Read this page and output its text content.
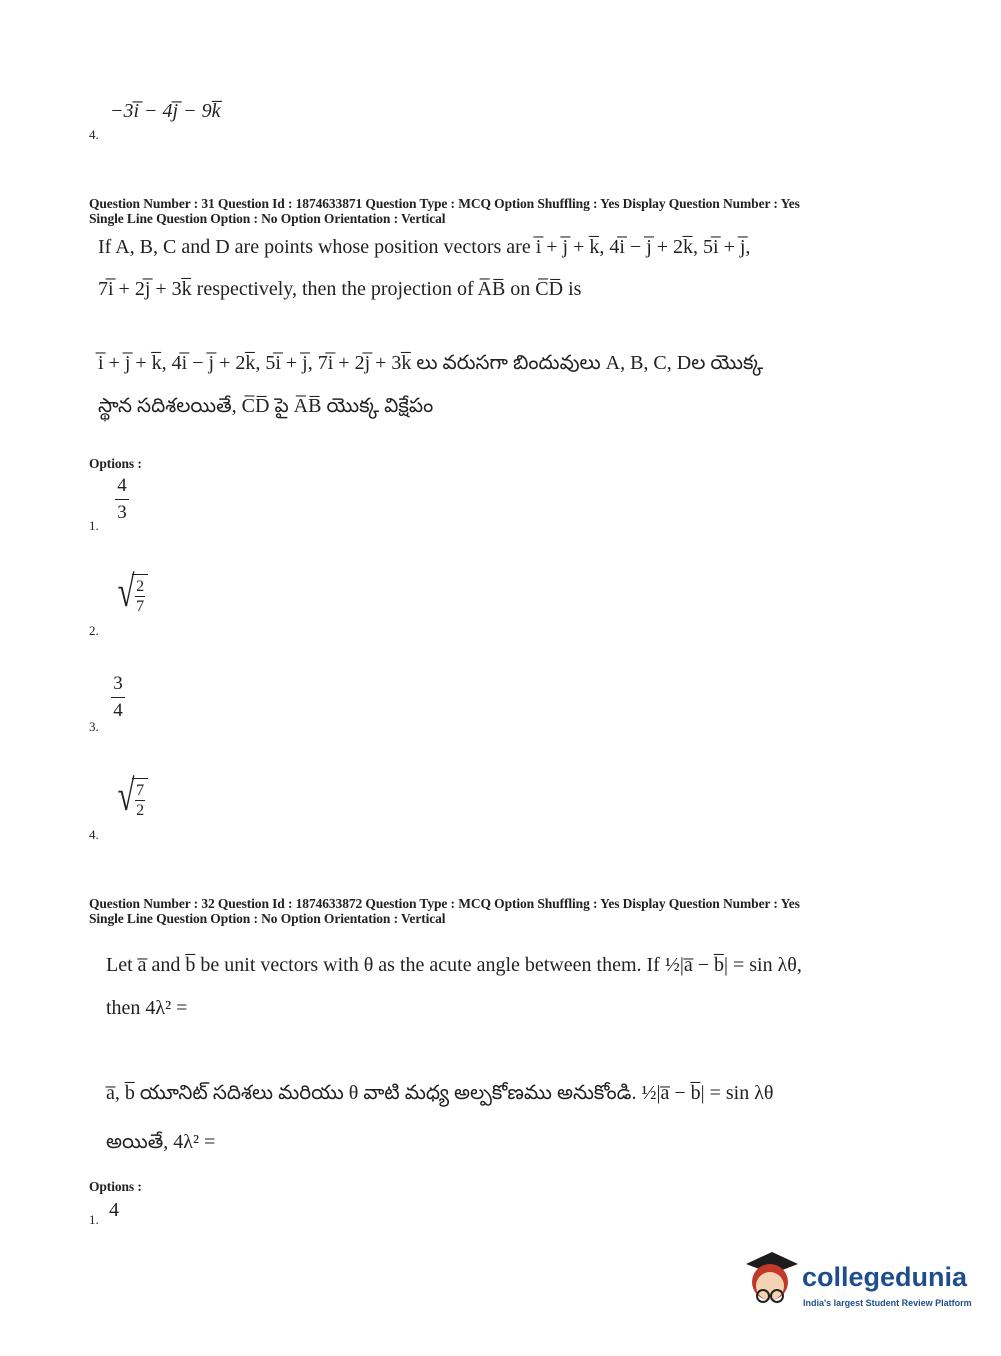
−3i̅ − 4j̅ − 9k̅
4.
Question Number : 31 Question Id : 1874633871 Question Type : MCQ Option Shuffling : Yes Display Question Number : Yes
Single Line Question Option : No Option Orientation : Vertical
If A, B, C and D are points whose position vectors are i̅ + j̅ + k̅, 4i̅ − j̅ + 2k̅, 5i̅ + j̅,
7i̅ + 2j̅ + 3k̅ respectively, then the projection of A̅B̅ on C̅D̅ is
i̅ + j̅ + k̅, 4i̅ − j̅ + 2k̅, 5i̅ + j̅, 7i̅ + 2j̅ + 3k̅ లు వరుసగా బిందువులు A, B, C, Dల యొక్క
స్థాన సదిశలయితే, C̅D̅ పై A̅B̅ యొక్క విక్షేపం
Options :
1.
4
3
2.
√ $\frac{2}{7}$
3.
3
4
4.
√ $\frac{7}{2}$
Question Number : 32 Question Id : 1874633872 Question Type : MCQ Option Shuffling : Yes Display Question Number : Yes
Single Line Question Option : No Option Orientation : Vertical
Let a̅ and b̅ be unit vectors with θ as the acute angle between them. If ½|a̅ − b̅| = sin λθ,
then 4λ² =
a̅, b̅ యూనిట్ సదిశలు మరియు θ వాటి మధ్య అల్పకోణము అనుకోండి. ½|a̅ − b̅| = sin λθ
అయితే, 4λ² =
Options :
1. 4
collegedunia
India's largest Student Review Platform
